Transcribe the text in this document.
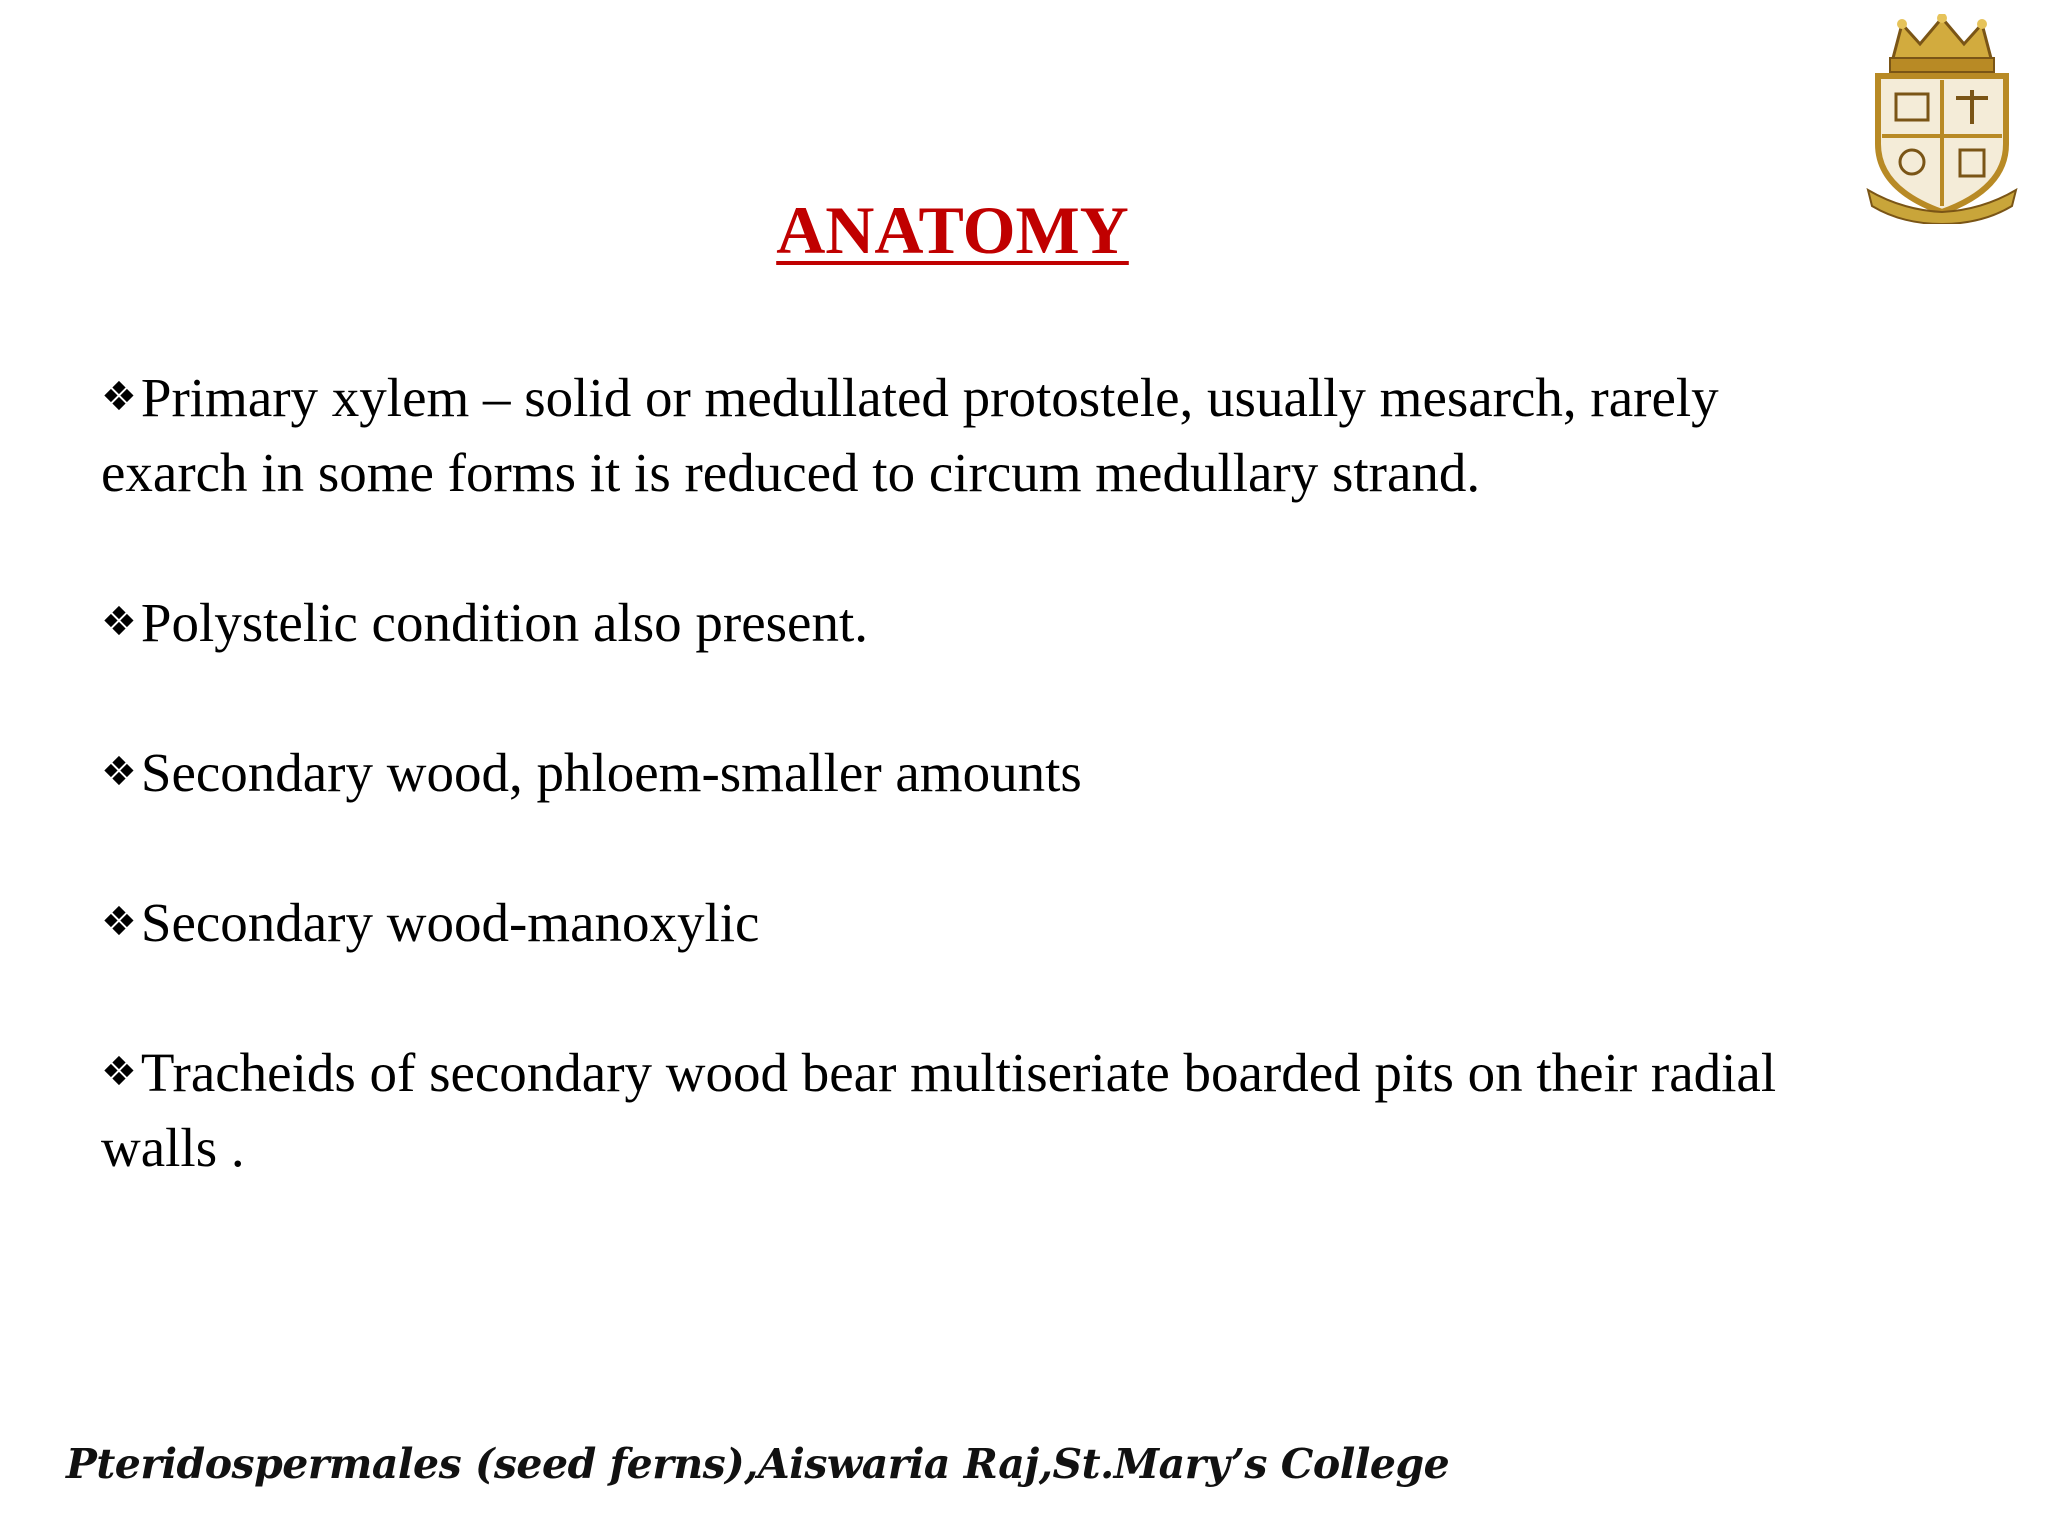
ANATOMY
❖Primary xylem – solid or medullated protostele, usually mesarch, rarely exarch in some forms it is reduced to circum medullary strand.
❖Polystelic condition also present.
❖Secondary wood, phloem-smaller amounts
❖Secondary wood-manoxylic
❖Tracheids of secondary wood bear multiseriate boarded pits on their radial walls .
Pteridospermales (seed ferns),Aiswaria Raj,St.Mary’s College
